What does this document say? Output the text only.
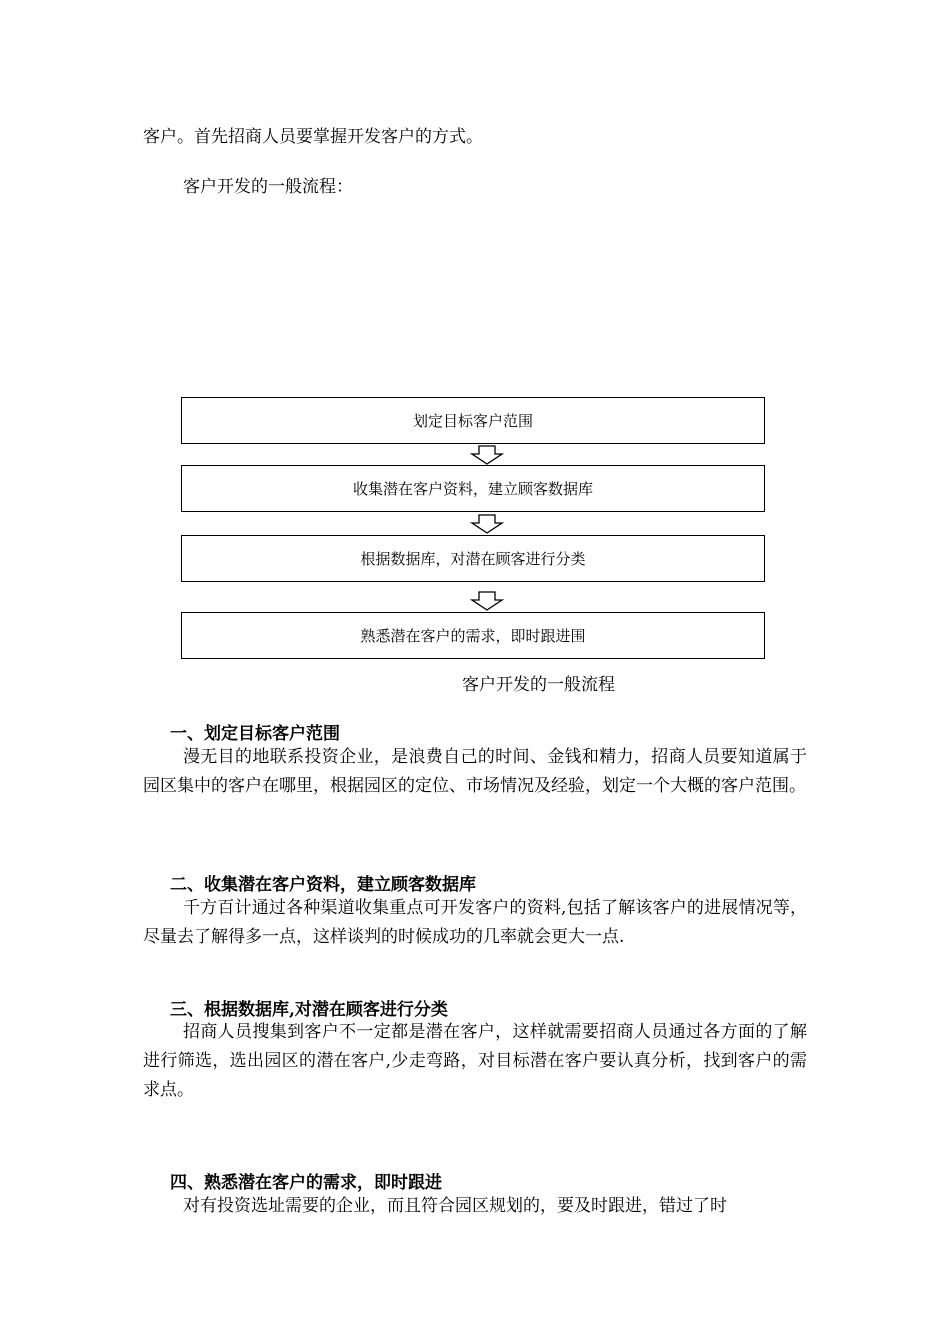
客户。首先招商人员要掌握开发客户的方式。
客户开发的一般流程：
划定目标客户范围
收集潜在客户资料，建立顾客数据库
根据数据库，对潜在顾客进行分类
熟悉潜在客户的需求，即时跟进围
客户开发的一般流程
一、划定目标客户范围
漫无目的地联系投资企业，是浪费自己的时间、金钱和精力，招商人员要知道属于园区集中的客户在哪里，根据园区的定位、市场情况及经验，划定一个大概的客户范围。
二、收集潜在客户资料，建立顾客数据库
千方百计通过各种渠道收集重点可开发客户的资料,包括了解该客户的进展情况等，尽量去了解得多一点，这样谈判的时候成功的几率就会更大一点.
三、根据数据库,对潜在顾客进行分类
招商人员搜集到客户不一定都是潜在客户，这样就需要招商人员通过各方面的了解进行筛选，选出园区的潜在客户,少走弯路，对目标潜在客户要认真分析，找到客户的需求点。
四、熟悉潜在客户的需求，即时跟进
对有投资选址需要的企业，而且符合园区规划的，要及时跟进，错过了时
